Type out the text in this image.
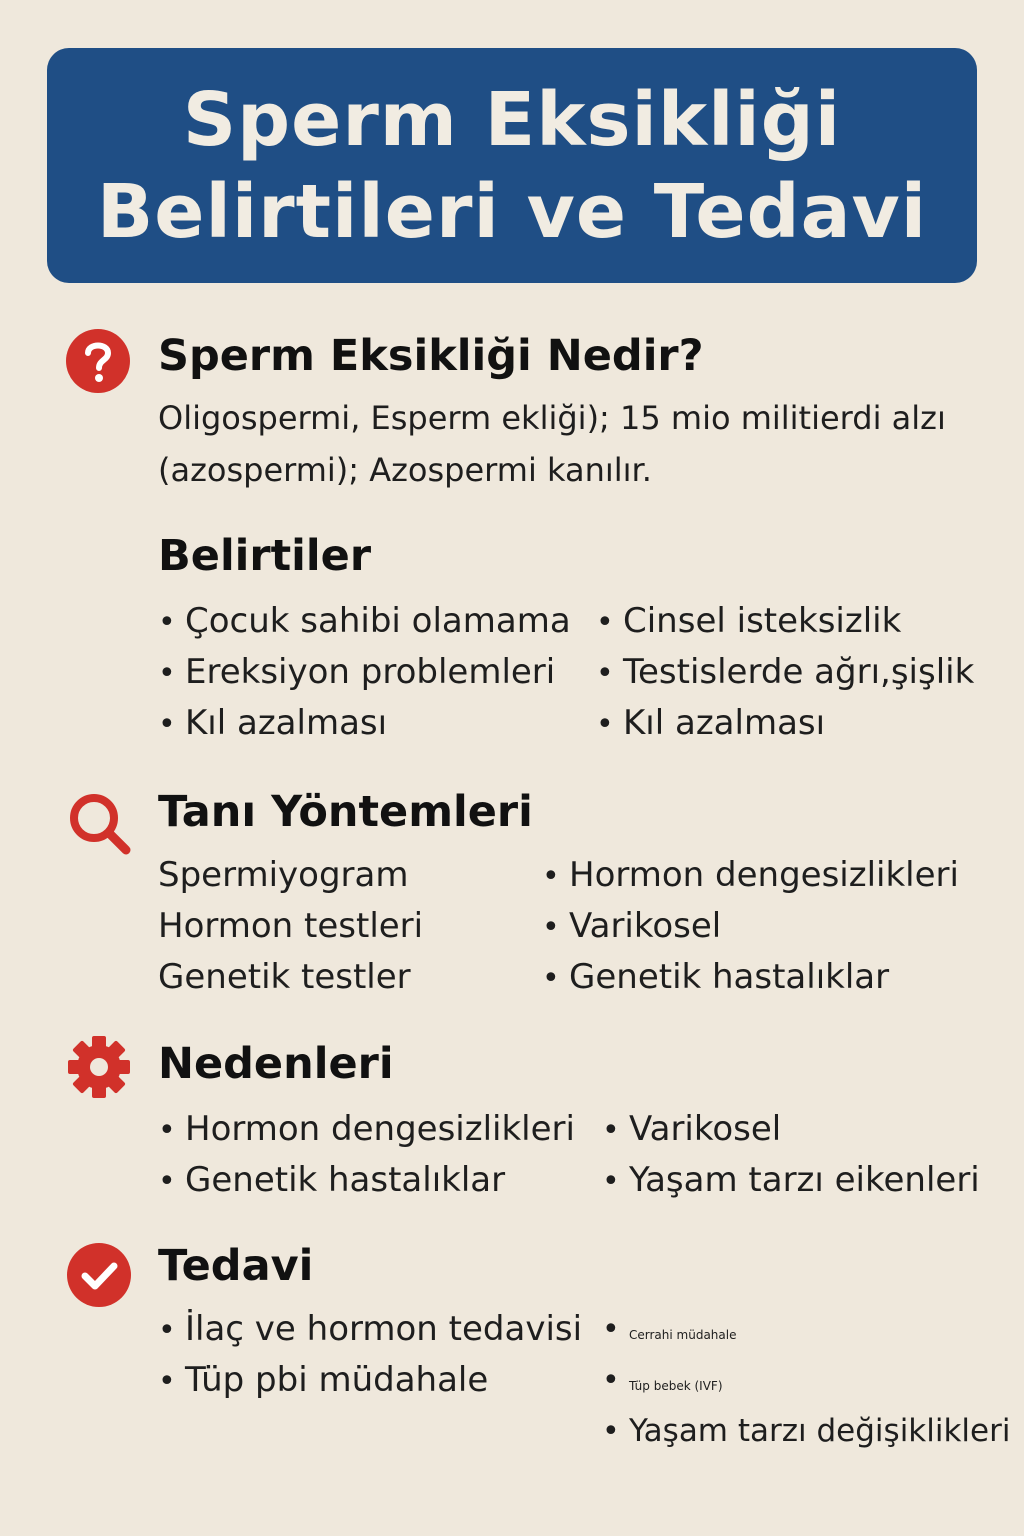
Sperm Eksikliği
Belirtileri ve Tedavi
Sperm Eksikliği Nedir?
Oligospermi, Esperm ekliği); 15 mio militierdi alzı
(azospermi); Azospermi kanılır.
Belirtiler
• Çocuk sahibi olamama
• Ereksiyon problemleri
• Kıl azalması
• Cinsel isteksizlik
• Testislerde ağrı,şişlik
• Kıl azalması
Tanı Yöntemleri
Spermiyogram
Hormon testleri
Genetik testler
• Hormon dengesizlikleri
• Varikosel
• Genetik hastalıklar
Nedenleri
• Hormon dengesizlikleri
• Genetik hastalıklar
• Varikosel
• Yaşam tarzı eikenleri
Tedavi
• İlaç ve hormon tedavisi
• Tüp pbi müdahale
• Cerrahi müdahale
• Tüp bebek (IVF)
• Yaşam tarzı değişiklikleri
